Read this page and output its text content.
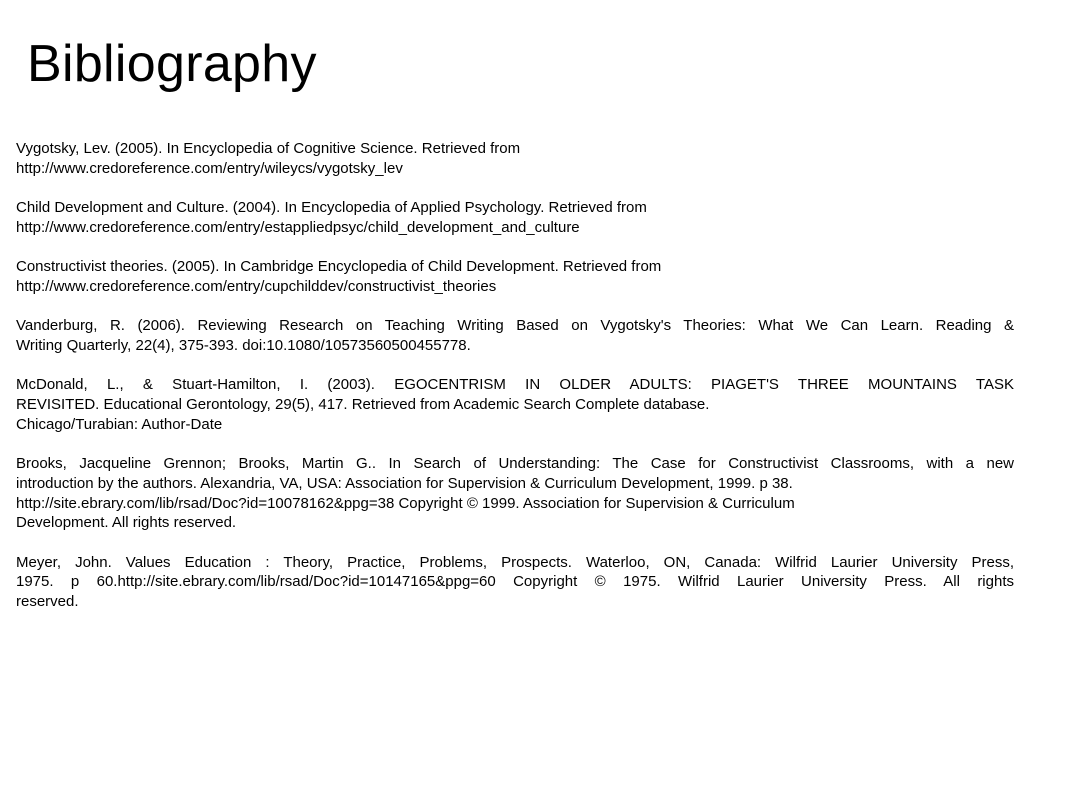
Bibliography
Vygotsky, Lev. (2005). In Encyclopedia of Cognitive Science. Retrieved from
http://www.credoreference.com/entry/wileycs/vygotsky_lev
Child Development and Culture. (2004). In Encyclopedia of Applied Psychology. Retrieved from
http://www.credoreference.com/entry/estappliedpsyc/child_development_and_culture
Constructivist theories. (2005). In Cambridge Encyclopedia of Child Development. Retrieved from
http://www.credoreference.com/entry/cupchilddev/constructivist_theories
Vanderburg, R. (2006). Reviewing Research on Teaching Writing Based on Vygotsky's Theories: What We Can Learn. Reading &
Writing Quarterly, 22(4), 375-393. doi:10.1080/10573560500455778.
McDonald, L., & Stuart-Hamilton, I. (2003). EGOCENTRISM IN OLDER ADULTS: PIAGET'S THREE MOUNTAINS TASK
REVISITED. Educational Gerontology, 29(5), 417. Retrieved from Academic Search Complete database.
Chicago/Turabian: Author-Date
Brooks, Jacqueline Grennon; Brooks, Martin G.. In Search of Understanding: The Case for Constructivist Classrooms, with a new
introduction by the authors. Alexandria, VA, USA: Association for Supervision & Curriculum Development, 1999. p 38.
http://site.ebrary.com/lib/rsad/Doc?id=10078162&ppg=38 Copyright © 1999. Association for Supervision & Curriculum
Development. All rights reserved.
Meyer, John. Values Education : Theory, Practice, Problems, Prospects. Waterloo, ON, Canada: Wilfrid Laurier University Press,
1975. p 60.http://site.ebrary.com/lib/rsad/Doc?id=10147165&ppg=60 Copyright © 1975. Wilfrid Laurier University Press. All rights
reserved.
